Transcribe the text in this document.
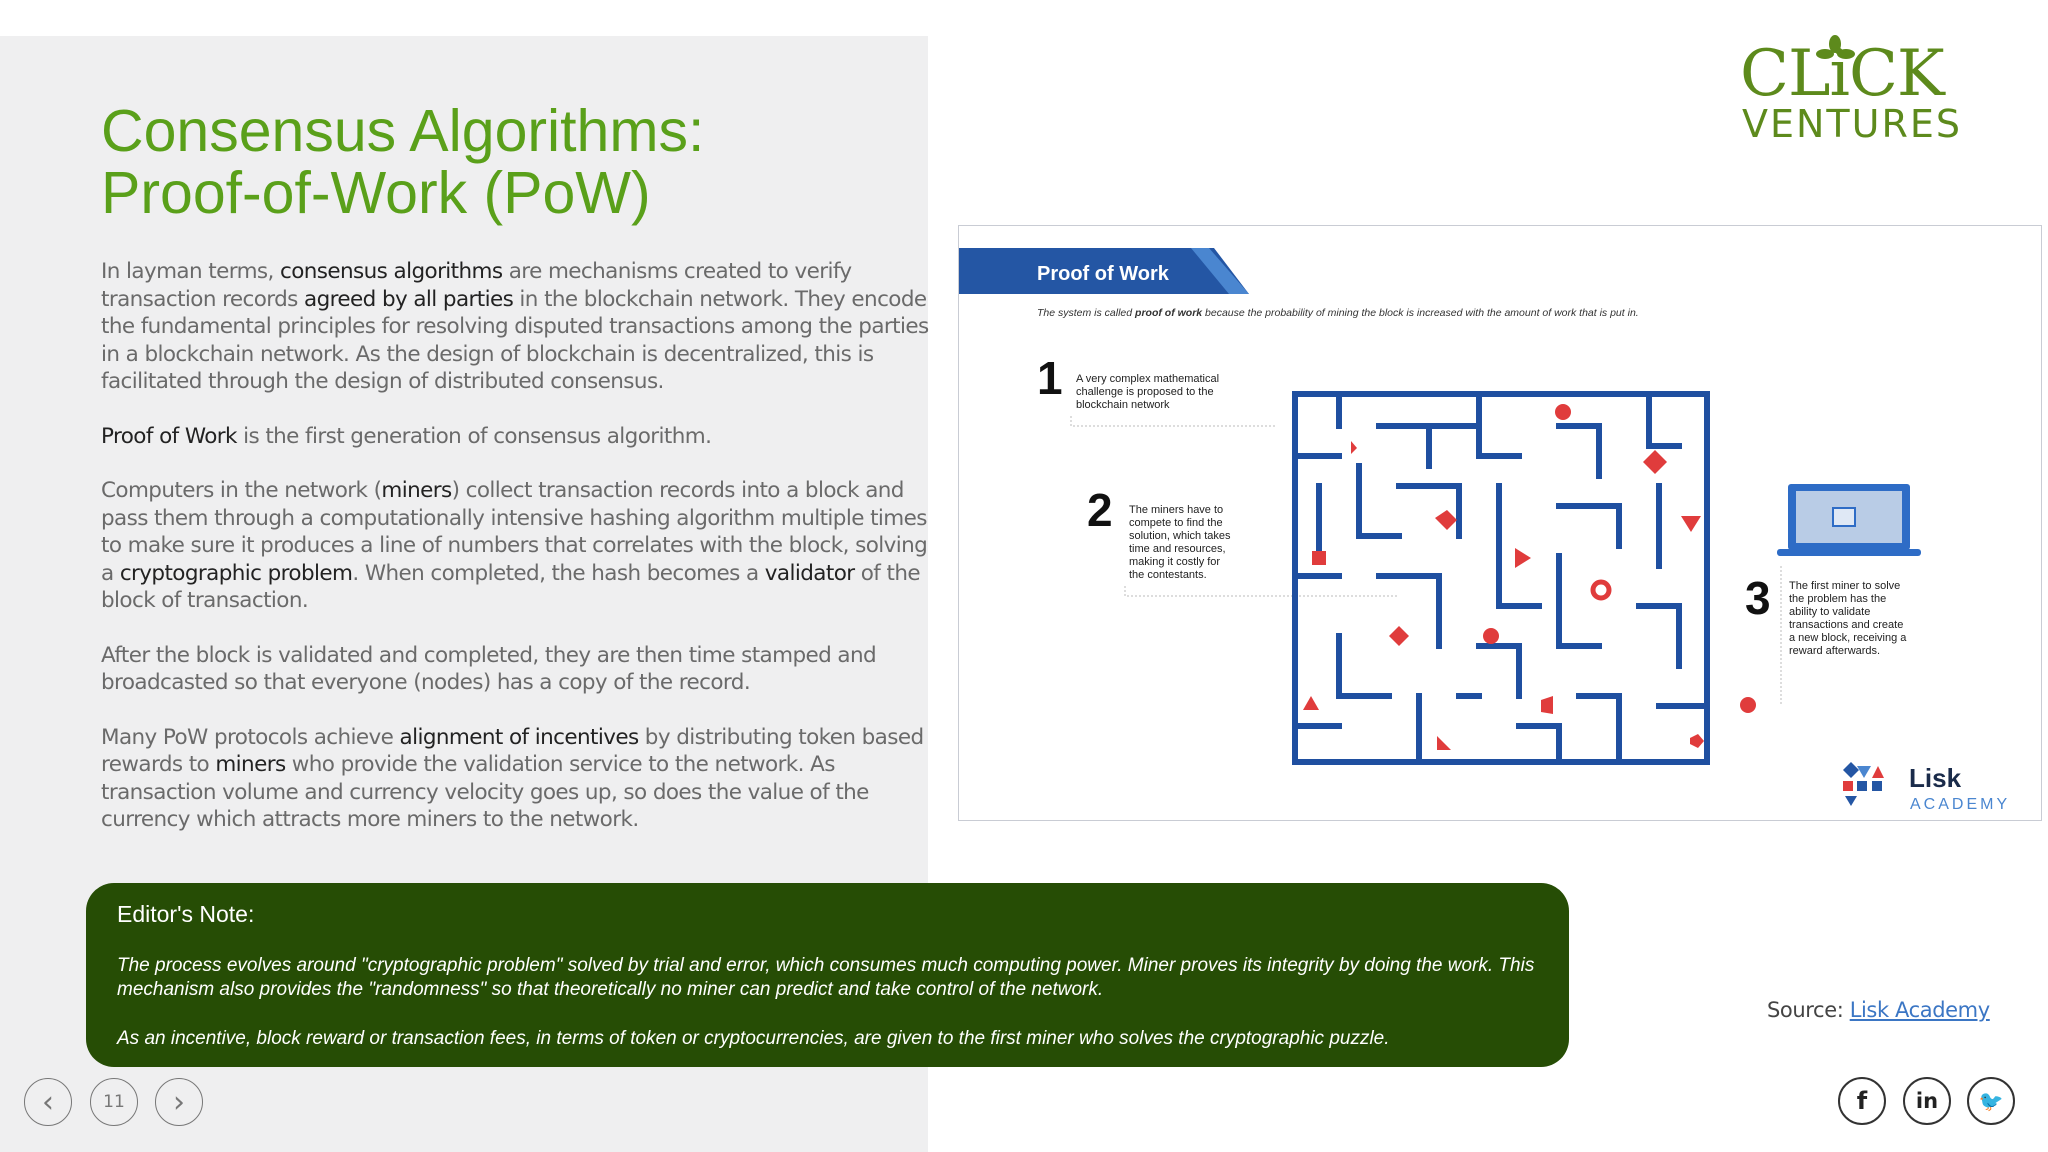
Consensus Algorithms:
Proof-of-Work (PoW)

In layman terms, consensus algorithms are mechanisms created to verify transaction records agreed by all parties in the blockchain network. They encode the fundamental principles for resolving disputed transactions among the parties in a blockchain network. As the design of blockchain is decentralized, this is facilitated through the design of distributed consensus.

Proof of Work is the first generation of consensus algorithm.

Computers in the network (miners) collect transaction records into a block and pass them through a computationally intensive hashing algorithm multiple times to make sure it produces a line of numbers that correlates with the block, solving a cryptographic problem. When completed, the hash becomes a validator of the block of transaction.

After the block is validated and completed, they are then time stamped and broadcasted so that everyone (nodes) has a copy of the record.

Many PoW protocols achieve alignment of incentives by distributing token based rewards to miners who provide the validation service to the network. As transaction volume and currency velocity goes up, so does the value of the currency which attracts more miners to the network.

CLiCK
VENTURES
Proof of Work
The system is called proof of work because the probability of mining the block is increased with the amount of work that is put in.
1 A very complex mathematical challenge is proposed to the blockchain network
2 The miners have to compete to find the solution, which takes time and resources, making it costly for the contestants.	3 The first miner to solve the problem has the ability to validate transactions and create a new block, receiving a reward afterwards.
Lisk
ACADEMY
Editor's Note:

The process evolves around "cryptographic problem" solved by trial and error, which consumes much computing power. Miner proves its integrity by doing the work. This mechanism also provides the "randomness" so that theoretically no miner can predict and take control of the network.

As an incentive, block reward or transaction fees, in terms of token or cryptocurrencies, are given to the first miner who solves the cryptographic puzzle.

Source: Lisk Academy
‹	11 ›	f in 🐦
